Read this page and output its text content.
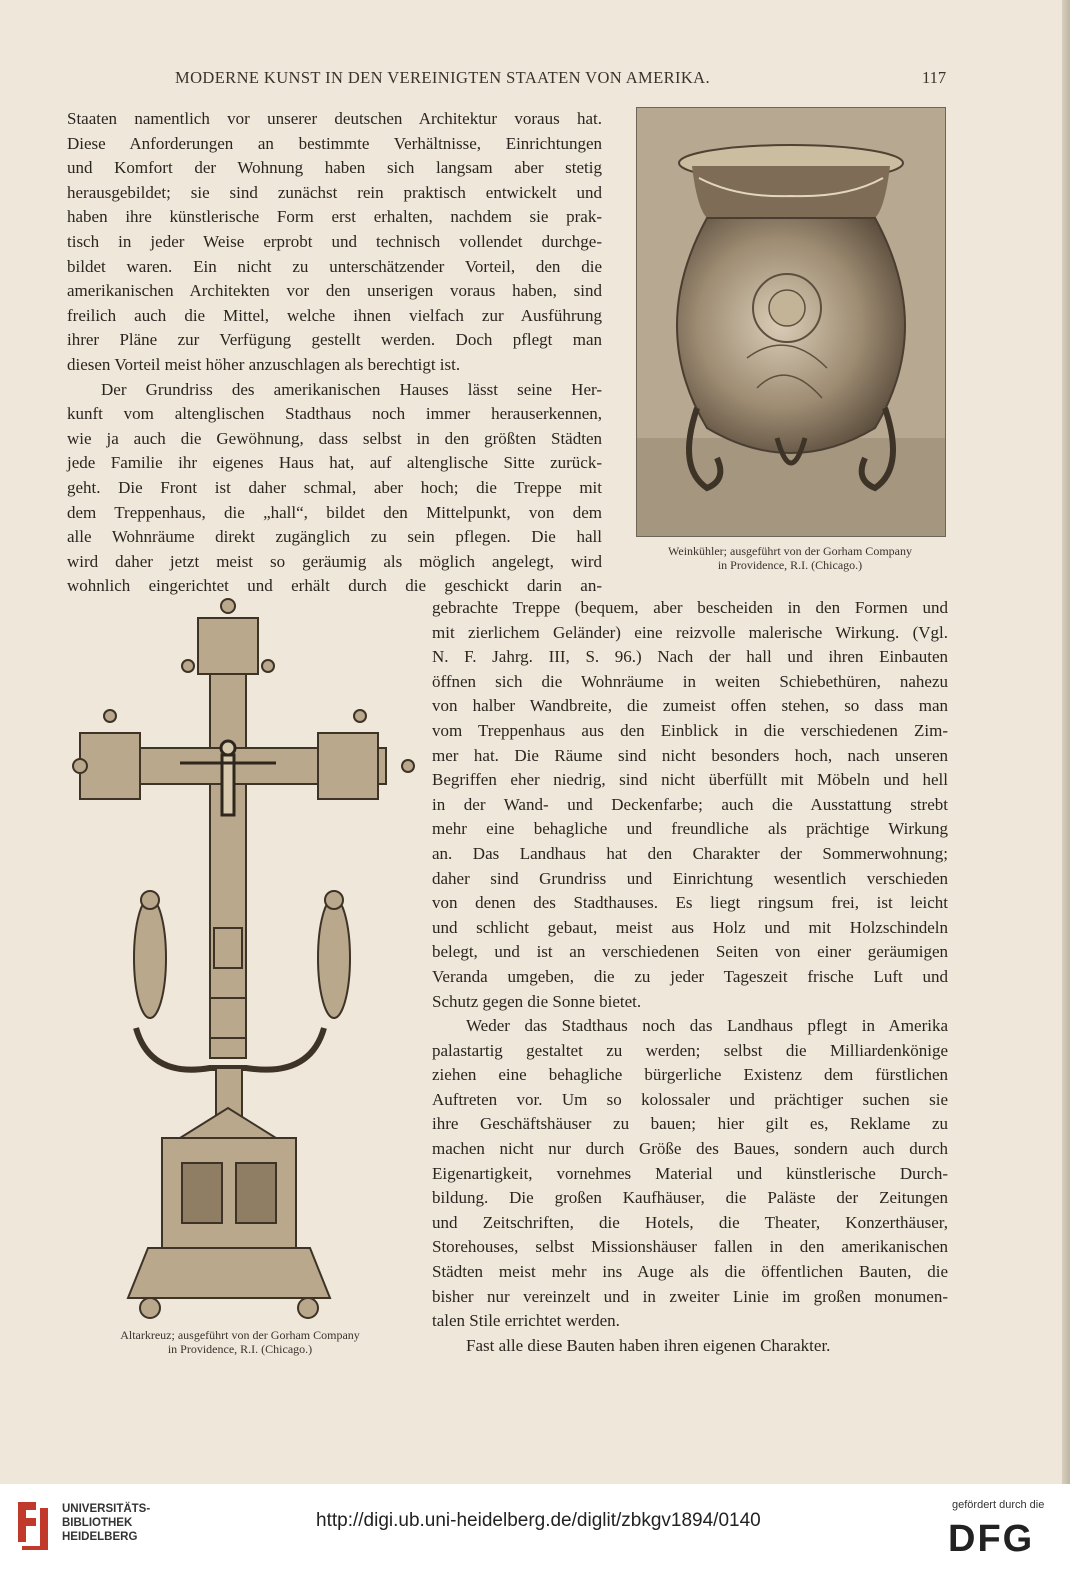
MODERNE KUNST IN DEN VEREINIGTEN STAATEN VON AMERIKA.	117
Staaten namentlich vor unserer deutschen Architektur voraus hat.
Diese Anforderungen an bestimmte Verhältnisse, Einrichtungen
und Komfort der Wohnung haben sich langsam aber stetig
herausgebildet; sie sind zunächst rein praktisch entwickelt und
haben ihre künstlerische Form erst erhalten, nachdem sie prak-
tisch in jeder Weise erprobt und technisch vollendet durchge-
bildet waren. Ein nicht zu unterschätzender Vorteil, den die
amerikanischen Architekten vor den unserigen voraus haben, sind
freilich auch die Mittel, welche ihnen vielfach zur Ausführung
ihrer Pläne zur Verfügung gestellt werden. Doch pflegt man
diesen Vorteil meist höher anzuschlagen als berechtigt ist.
Der Grundriss des amerikanischen Hauses lässt seine Her-
kunft vom altenglischen Stadthaus noch immer herauserkennen,
wie ja auch die Gewöhnung, dass selbst in den größten Städten
jede Familie ihr eigenes Haus hat, auf altenglische Sitte zurück-
geht. Die Front ist daher schmal, aber hoch; die Treppe mit
dem Treppenhaus, die „hall“, bildet den Mittelpunkt, von dem
alle Wohnräume direkt zugänglich zu sein pflegen. Die hall
wird daher jetzt meist so geräumig als möglich angelegt, wird
wohnlich eingerichtet und erhält durch die geschickt darin an-
Weinkühler; ausgeführt von der Gorham Company
in Providence, R.I. (Chicago.)
gebrachte Treppe (bequem, aber bescheiden in den Formen und
mit zierlichem Geländer) eine reizvolle malerische Wirkung. (Vgl.
N. F. Jahrg. III, S. 96.) Nach der hall und ihren Einbauten
öffnen sich die Wohnräume in weiten Schiebethüren, nahezu
von halber Wandbreite, die zumeist offen stehen, so dass man
vom Treppenhaus aus den Einblick in die verschiedenen Zim-
mer hat. Die Räume sind nicht besonders hoch, nach unseren
Begriffen eher niedrig, sind nicht überfüllt mit Möbeln und hell
in der Wand- und Deckenfarbe; auch die Ausstattung strebt
mehr eine behagliche und freundliche als prächtige Wirkung
an. Das Landhaus hat den Charakter der Sommerwohnung;
daher sind Grundriss und Einrichtung wesentlich verschieden
von denen des Stadthauses. Es liegt ringsum frei, ist leicht
und schlicht gebaut, meist aus Holz und mit Holzschindeln
belegt, und ist an verschiedenen Seiten von einer geräumigen
Veranda umgeben, die zu jeder Tageszeit frische Luft und
Schutz gegen die Sonne bietet.
Weder das Stadthaus noch das Landhaus pflegt in Amerika
palastartig gestaltet zu werden; selbst die Milliardenkönige
ziehen eine behagliche bürgerliche Existenz dem fürstlichen
Auftreten vor. Um so kolossaler und prächtiger suchen sie
ihre Geschäftshäuser zu bauen; hier gilt es, Reklame zu
machen nicht nur durch Größe des Baues, sondern auch durch
Eigenartigkeit, vornehmes Material und künstlerische Durch-
bildung. Die großen Kaufhäuser, die Paläste der Zeitungen
und Zeitschriften, die Hotels, die Theater, Konzerthäuser,
Storehouses, selbst Missionshäuser fallen in den amerikanischen
Städten meist mehr ins Auge als die öffentlichen Bauten, die
bisher nur vereinzelt und in zweiter Linie im großen monumen-
talen Stile errichtet werden.
Fast alle diese Bauten haben ihren eigenen Charakter.
Altarkreuz; ausgeführt von der Gorham Company
in Providence, R.I. (Chicago.)
UNIVERSITÄTS-
BIBLIOTHEK
HEIDELBERG
http://digi.ub.uni-heidelberg.de/diglit/zbkgv1894/0140
gefördert durch die
DFG
